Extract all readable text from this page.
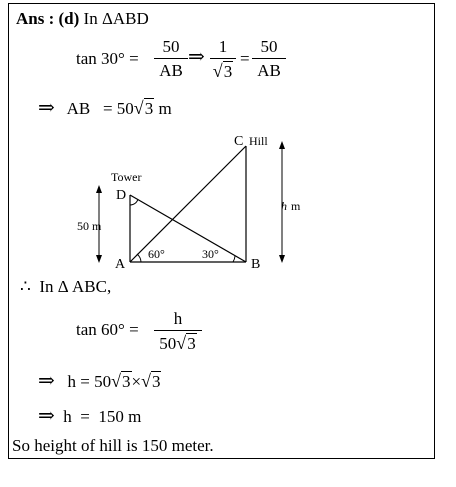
Ans : (d) In ΔABD
tan 30° =
50
AB
⇒ 1
√3
=
50
AB
⇒ AB = 50√3 m
Tower
D
C Hill
A	B
60°	30°
50 m
h m
∴ In Δ ABC,
tan 60° =
h
50√3
⇒ h = 50√3×√3
⇒ h  =  150 m
So height of hill is 150 meter.
